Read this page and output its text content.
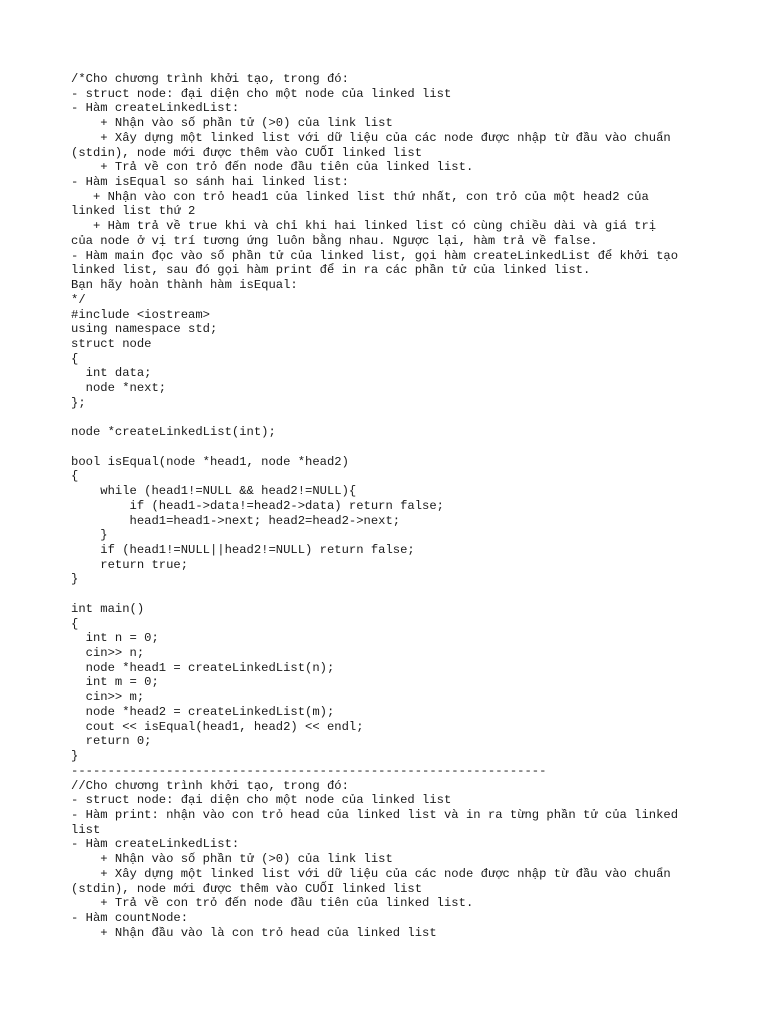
/*Cho chương trình khởi tạo, trong đó:
- struct node: đại diện cho một node của linked list
- Hàm createLinkedList:
+ Nhận vào số phần tử (>0) của link list
+ Xây dựng một linked list với dữ liệu của các node được nhập từ đầu vào chuẩn
(stdin), node mới được thêm vào CUỐI linked list
+ Trả về con trỏ đến node đầu tiên của linked list.
- Hàm isEqual so sánh hai linked list:
+ Nhận vào con trỏ head1 của linked list thứ nhất, con trỏ của một head2 của
linked list thứ 2
+ Hàm trả về true khi và chỉ khi hai linked list có cùng chiều dài và giá trị
của node ở vị trí tương ứng luôn bằng nhau. Ngược lại, hàm trả về false.
- Hàm main đọc vào số phần tử của linked list, gọi hàm createLinkedList để khởi tạo
linked list, sau đó gọi hàm print để in ra các phần tử của linked list.
Bạn hãy hoàn thành hàm isEqual:
*/
#include <iostream>
using namespace std;
struct node
{
int data;
node *next;
};
node *createLinkedList(int);
bool isEqual(node *head1, node *head2)
{
while (head1!=NULL && head2!=NULL){
if (head1->data!=head2->data) return false;
head1=head1->next; head2=head2->next;
}
if (head1!=NULL||head2!=NULL) return false;
return true;
}
int main()
{
int n = 0;
cin>> n;
node *head1 = createLinkedList(n);
int m = 0;
cin>> m;
node *head2 = createLinkedList(m);
cout << isEqual(head1, head2) << endl;
return 0;
}
-----------------------------------------------------------------
//Cho chương trình khởi tạo, trong đó:
- struct node: đại diện cho một node của linked list
- Hàm print: nhận vào con trỏ head của linked list và in ra từng phần tử của linked
list
- Hàm createLinkedList:
+ Nhận vào số phần tử (>0) của link list
+ Xây dựng một linked list với dữ liệu của các node được nhập từ đầu vào chuẩn
(stdin), node mới được thêm vào CUỐI linked list
+ Trả về con trỏ đến node đầu tiên của linked list.
- Hàm countNode:
+ Nhận đầu vào là con trỏ head của linked list
